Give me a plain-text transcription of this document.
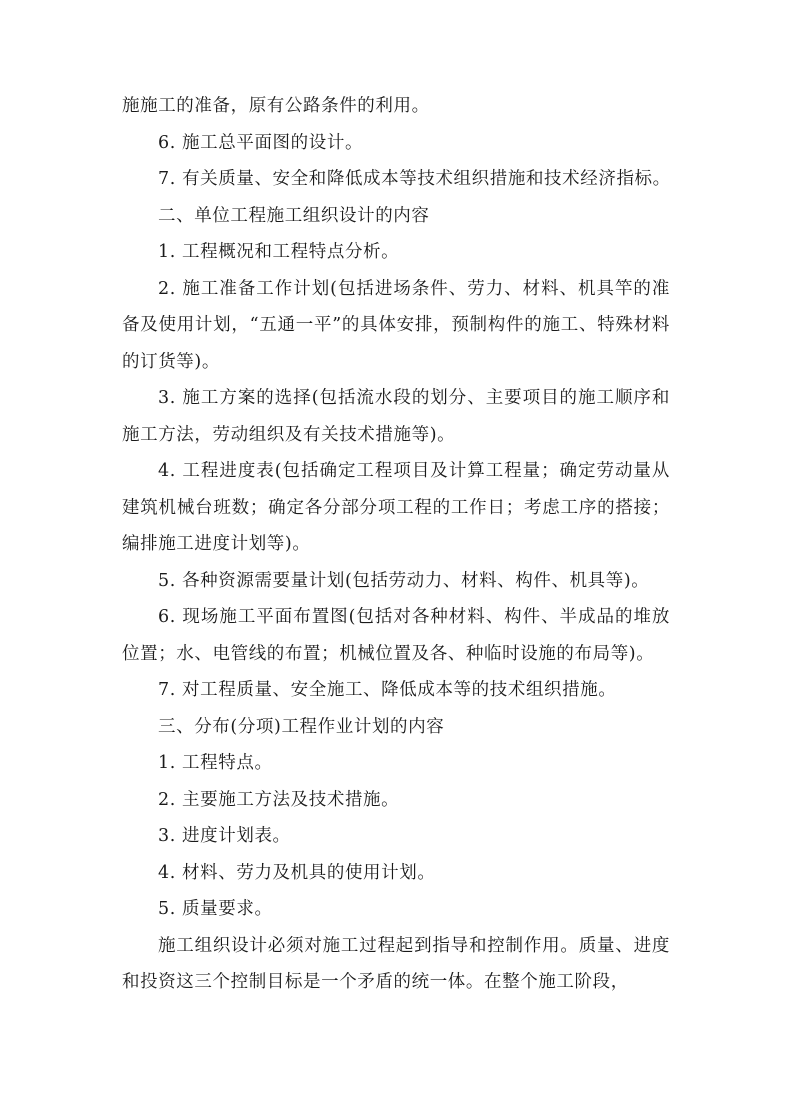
施施工的准备，原有公路条件的利用。

6. 施工总平面图的设计。

7. 有关质量、安全和降低成本等技术组织措施和技术经济指标。

二、单位工程施工组织设计的内容

1. 工程概况和工程特点分析。

2. 施工准备工作计划(包括进场条件、劳力、材料、机具竿的准备及使用计划，“五通一平”的具体安排，预制构件的施工、特殊材料的订货等)。

3. 施工方案的选择(包括流水段的划分、主要项目的施工顺序和施工方法，劳动组织及有关技术措施等)。

4. 工程进度表(包括确定工程项目及计算工程量；确定劳动量从建筑机械台班数；确定各分部分项工程的工作日；考虑工序的搭接；编排施工进度计划等)。

5. 各种资源需要量计划(包括劳动力、材料、构件、机具等)。

6. 现场施工平面布置图(包括对各种材料、构件、半成品的堆放位置；水、电管线的布置；机械位置及各、种临时设施的布局等)。

7. 对工程质量、安全施工、降低成本等的技术组织措施。

三、分布(分项)工程作业计划的内容

1. 工程特点。

2. 主要施工方法及技术措施。

3. 进度计划表。

4. 材料、劳力及机具的使用计划。

5. 质量要求。

施工组织设计必须对施工过程起到指导和控制作用。质量、进度和投资这三个控制目标是一个矛盾的统一体。在整个施工阶段，
